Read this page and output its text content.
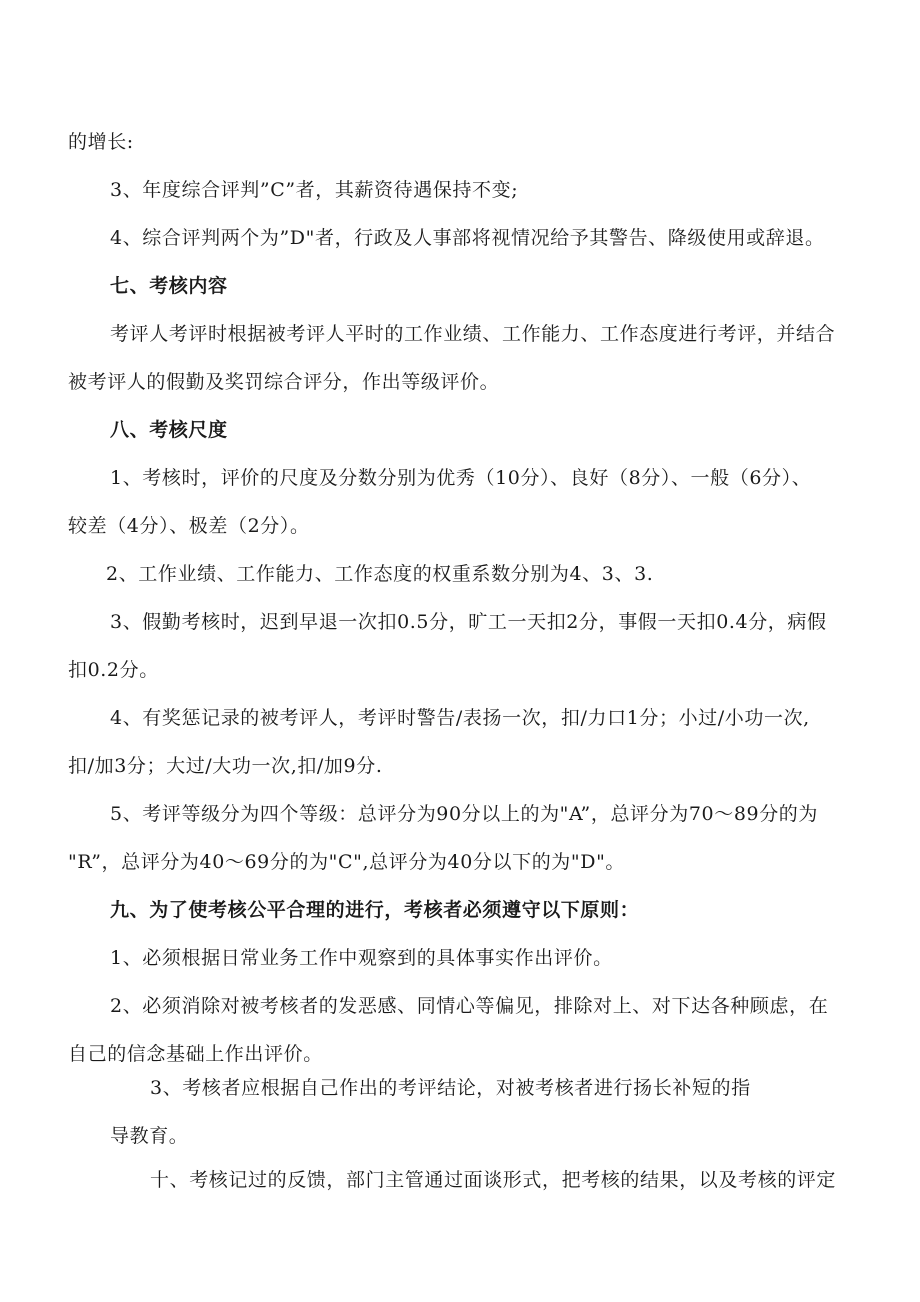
的增长:
3、年度综合评判”C”者，其薪资待遇保持不变;
4、综合评判两个为”D"者，行政及人事部将视情况给予其警告、降级使用或辞退。
七、考核内容
考评人考评时根据被考评人平时的工作业绩、工作能力、工作态度进行考评，并结合
被考评人的假勤及奖罚综合评分，作出等级评价。
八、考核尺度
1、考核时，评价的尺度及分数分别为优秀（10分）、良好（8分）、一般（6分）、
较差（4分）、极差（2分）。
2、工作业绩、工作能力、工作态度的权重系数分别为4、3、3.
3、假勤考核时，迟到早退一次扣0.5分，旷工一天扣2分，事假一天扣0.4分，病假
扣0.2分。
4、有奖惩记录的被考评人，考评时警告/表扬一次，扣/力口1分；小过/小功一次,
扣/加3分；大过/大功一次,扣/加9分.
5、考评等级分为四个等级：总评分为90分以上的为"A”，总评分为70～89分的为
"R”，总评分为40～69分的为"C",总评分为40分以下的为"D"。
九、为了使考核公平合理的进行，考核者必须遵守以下原则：
1、必须根据日常业务工作中观察到的具体事实作出评价。
2、必须消除对被考核者的发恶感、同情心等偏见，排除对上、对下达各种顾虑，在
自己的信念基础上作出评价。
3、考核者应根据自己作出的考评结论，对被考核者进行扬长补短的指
导教育。
十、考核记过的反馈，部门主管通过面谈形式，把考核的结果，以及考核的评定
